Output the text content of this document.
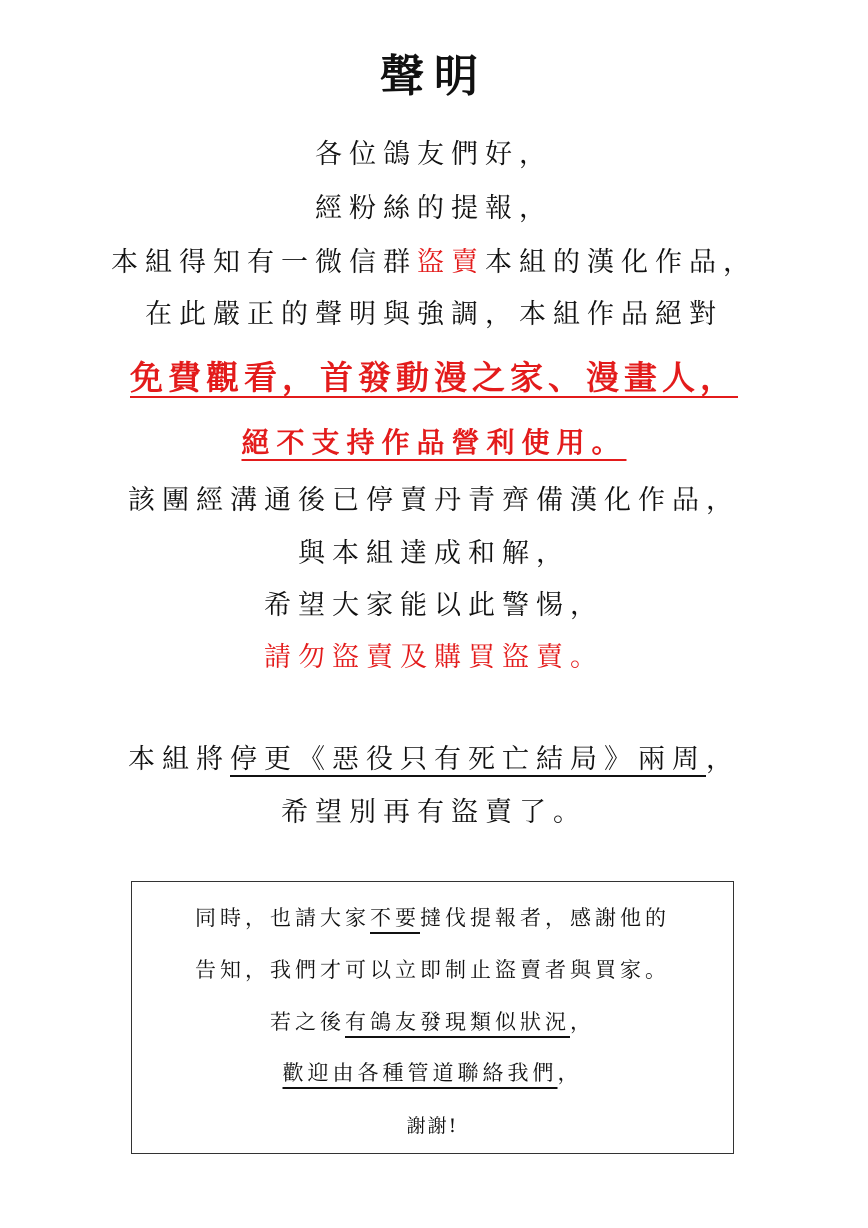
聲明
各位鴿友們好，
經粉絲的提報，
本組得知有一微信群盜賣本組的漢化作品，
在此嚴正的聲明與強調，本組作品絕對
免費觀看，首發動漫之家、漫畫人，
絕不支持作品營利使用。
該團經溝通後已停賣丹青齊備漢化作品，
與本組達成和解，
希望大家能以此警惕，
請勿盜賣及購買盜賣。
本組將停更《惡役只有死亡結局》兩周，
希望別再有盜賣了。
同時，也請大家不要撻伐提報者，感謝他的
告知，我們才可以立即制止盜賣者與買家。
若之後有鴿友發現類似狀況，
歡迎由各種管道聯絡我們，
謝謝!
